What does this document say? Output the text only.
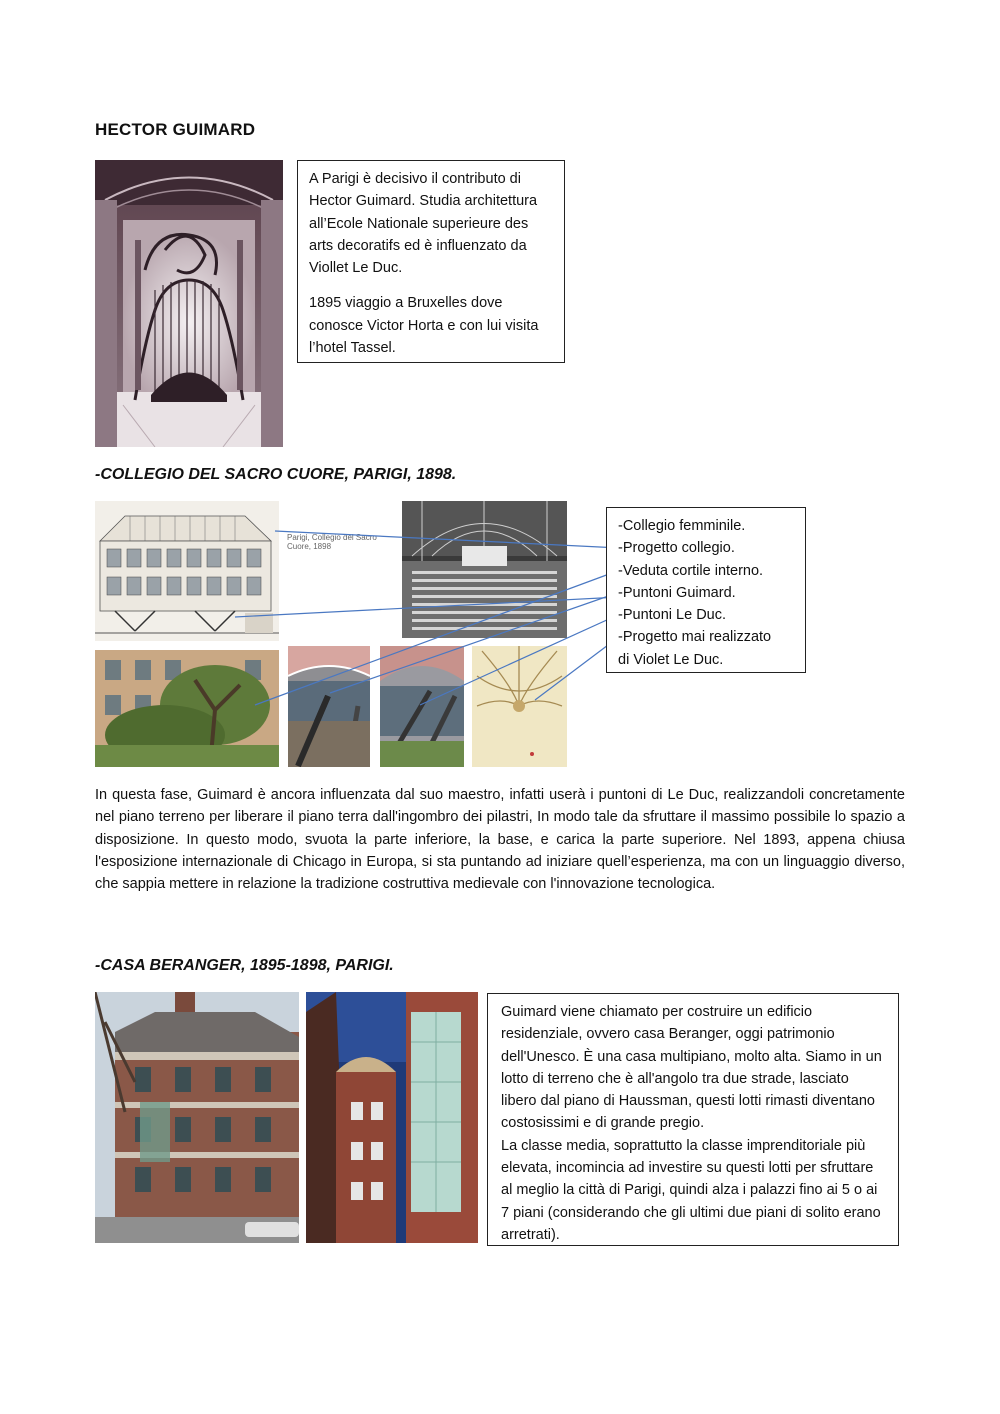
HECTOR GUIMARD

A Parigi è decisivo il contributo di Hector Guimard. Studia architettura all’Ecole Nationale superieure des arts decoratifs ed è influenzato da Viollet Le Duc.

1895 viaggio a Bruxelles dove conosce Victor Horta e con lui visita l’hotel Tassel.

-COLLEGIO DEL SACRO CUORE, PARIGI, 1898.
Parigi, Collegio del Sacro
Cuore, 1898
-Collegio femminile.
-Progetto collegio.
-Veduta cortile interno.
-Puntoni Guimard.
-Puntoni Le Duc.
-Progetto mai realizzato
di Violet Le Duc.
In questa fase, Guimard è ancora influenzata dal suo maestro, infatti userà i puntoni di Le Duc, realizzandoli concretamente nel piano terreno per liberare il piano terra dall'ingombro dei pilastri, In modo tale da sfruttare il massimo possibile lo spazio a disposizione. In questo modo, svuota la parte inferiore, la base, e carica la parte superiore. Nel 1893, appena chiusa l'esposizione internazionale di Chicago in Europa, si sta puntando ad iniziare quell’esperienza, ma con un linguaggio diverso, che sappia mettere in relazione la tradizione costruttiva medievale con l'innovazione tecnologica.
-CASA BERANGER, 1895-1898, PARIGI.

Guimard viene chiamato per costruire un edificio residenziale, ovvero casa Beranger, oggi patrimonio dell'Unesco. È una casa multipiano, molto alta. Siamo in un lotto di terreno che è all'angolo tra due strade, lasciato libero dal piano di Haussman, questi lotti rimasti diventano costosissimi e di grande pregio.

La classe media, soprattutto la classe imprenditoriale più elevata, incomincia ad investire su questi lotti per sfruttare al meglio la città di Parigi, quindi alza i palazzi fino ai 5 o ai 7 piani (considerando che gli ultimi due piani di solito erano arretrati).
